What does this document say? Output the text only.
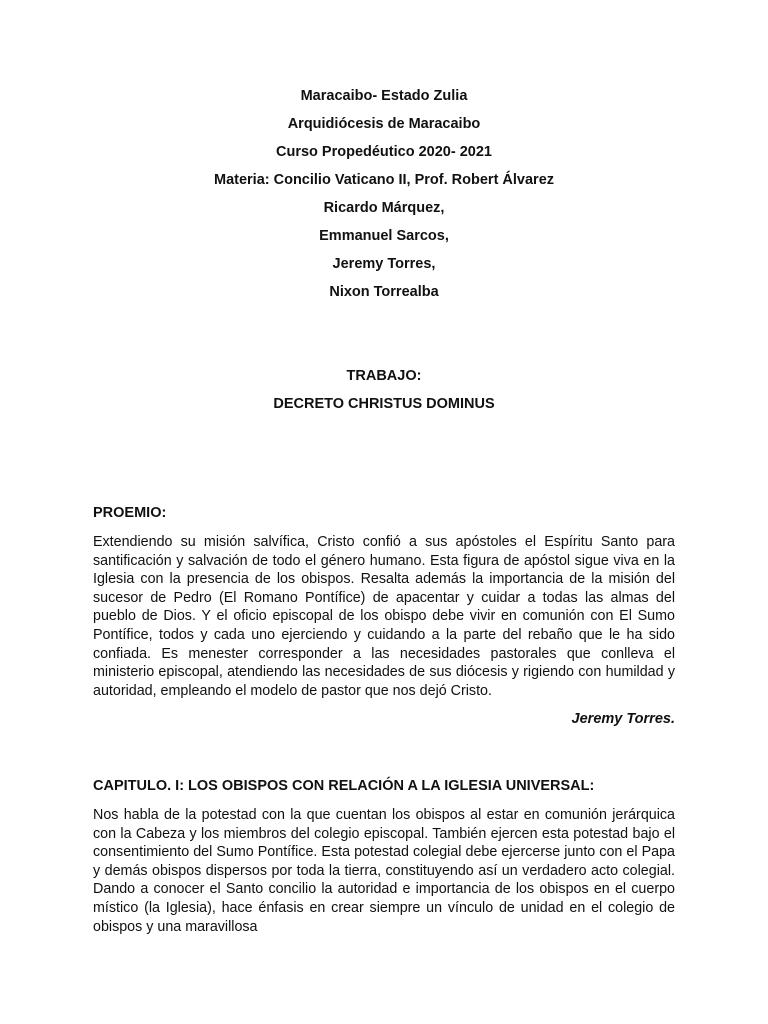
Maracaibo- Estado Zulia
Arquidiócesis de Maracaibo
Curso Propedéutico 2020- 2021
Materia: Concilio Vaticano II, Prof. Robert Álvarez
Ricardo Márquez,
Emmanuel Sarcos,
Jeremy Torres,
Nixon Torrealba
TRABAJO:
DECRETO CHRISTUS DOMINUS
PROEMIO:

Extendiendo su misión salvífica, Cristo confió a sus apóstoles el Espíritu Santo para santificación y salvación de todo el género humano. Esta figura de apóstol sigue viva en la Iglesia con la presencia de los obispos. Resalta además la importancia de la misión del sucesor de Pedro (El Romano Pontífice) de apacentar y cuidar a todas las almas del pueblo de Dios. Y el oficio episcopal de los obispo debe vivir en comunión con El Sumo Pontífice, todos y cada uno ejerciendo y cuidando a la parte del rebaño que le ha sido confiada. Es menester corresponder a las necesidades pastorales que conlleva el ministerio episcopal, atendiendo las necesidades de sus diócesis y rigiendo con humildad y autoridad, empleando el modelo de pastor que nos dejó Cristo.

Jeremy Torres.
CAPITULO. I: LOS OBISPOS CON RELACIÓN A LA IGLESIA UNIVERSAL:

Nos habla de la potestad con la que cuentan los obispos al estar en comunión jerárquica con la Cabeza y los miembros del colegio episcopal. También ejercen esta potestad bajo el consentimiento del Sumo Pontífice. Esta potestad colegial debe ejercerse junto con el Papa y demás obispos dispersos por toda la tierra, constituyendo así un verdadero acto colegial. Dando a conocer el Santo concilio la autoridad e importancia de los obispos en el cuerpo místico (la Iglesia), hace énfasis en crear siempre un vínculo de unidad en el colegio de obispos y una maravillosa
